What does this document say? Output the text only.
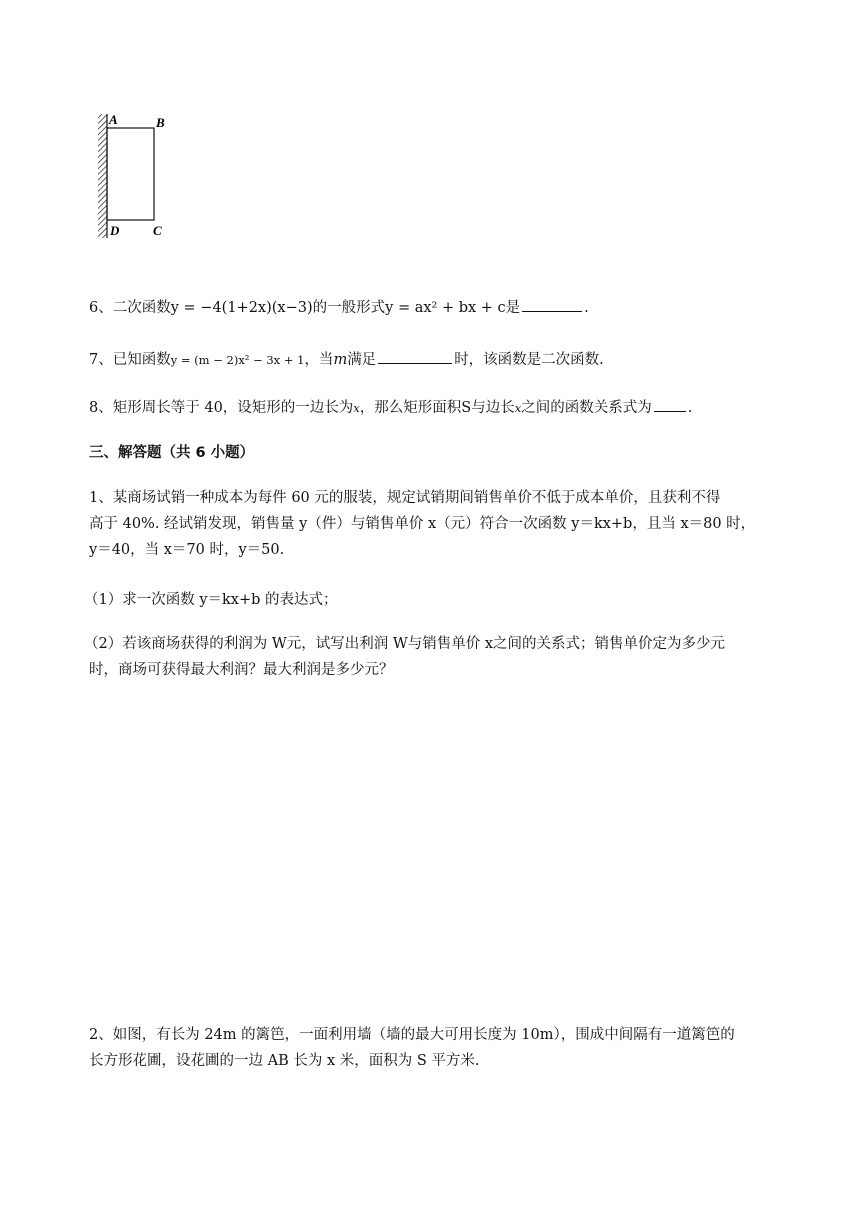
A	B
D	C
6、二次函数y = −4(1+2x)(x−3)的一般形式y = ax² + bx + c是	.
7、已知函数y = (m − 2)x² − 3x + 1，当m满足	时，该函数是二次函数.
8、矩形周长等于 40，设矩形的一边长为x，那么矩形面积S与边长x之间的函数关系式为 .
三、解答题（共 6 小题）
1、某商场试销一种成本为每件 60 元的服装，规定试销期间销售单价不低于成本单价，且获利不得
高于 40%. 经试销发现，销售量 y（件）与销售单价 x（元）符合一次函数 y＝kx+b，且当 x＝80 时，
y＝40，当 x＝70 时，y＝50.
（1）求一次函数 y＝kx+b 的表达式；
（2）若该商场获得的利润为 W元，试写出利润 W与销售单价 x之间的关系式；销售单价定为多少元
时，商场可获得最大利润？最大利润是多少元？
2、如图，有长为 24m 的篱笆，一面利用墙（墙的最大可用长度为 10m），围成中间隔有一道篱笆的
长方形花圃，设花圃的一边 AB 长为 x 米，面积为 S 平方米.
